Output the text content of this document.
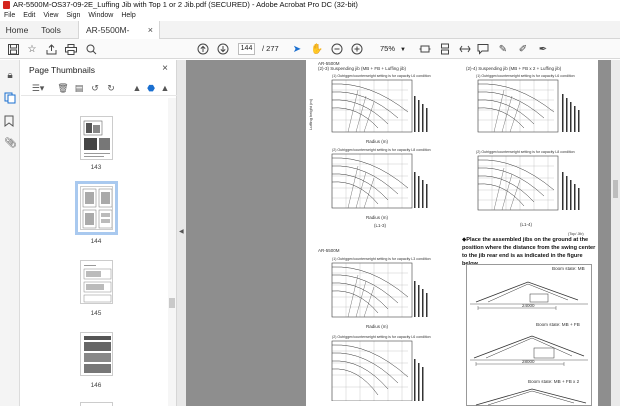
AR-5500M-OS37-09-2E_Luffing Jib with Top 1 or 2 Jib.pdf (SECURED) - Adobe Acrobat Pro DC (32-bit)
File Edit View Sign Window Help
Home	Tools	AR-5500M- ×
☆	144	/ 277 ➤ ✋	75% ▼	✎ ✐ ✒
🔒︎
📎︎
Page Thumbnails	×
☰▾	🗑︎ ▤ ↺ ↻ ▲ ⬣ ▲
143
144
145
146
◀
AR-5500M
(2)-3) Suspending jib (MB + FB + Luffing jib)
(1) Outrigger/counterweight setting is for capacity L6 condition
Luffing height (m)
Radius (m)
(2) Outrigger/counterweight setting is for capacity L8 condition
Radius (m)
(L1-3)
AR-5500M
(1) Outrigger/counterweight setting is for capacity L3 condition
Radius (m)
(2) Outrigger/counterweight setting is for capacity L6 condition
(2)-4) Suspending jib (MB + FB x 2 + Luffing jib)
(1) Outrigger/counterweight setting is for capacity L6 condition
(2) Outrigger/counterweight setting is for capacity L8 condition
(L1-4)
(Top/ Jib)
◆Place the assembled jibs on the ground at the position where the distance from the swing center to the jib rear end is as indicated in the figure below.
Boom state: MB
24000
Boom state: MB + FB
28000
Boom state: MB + FB x 2
